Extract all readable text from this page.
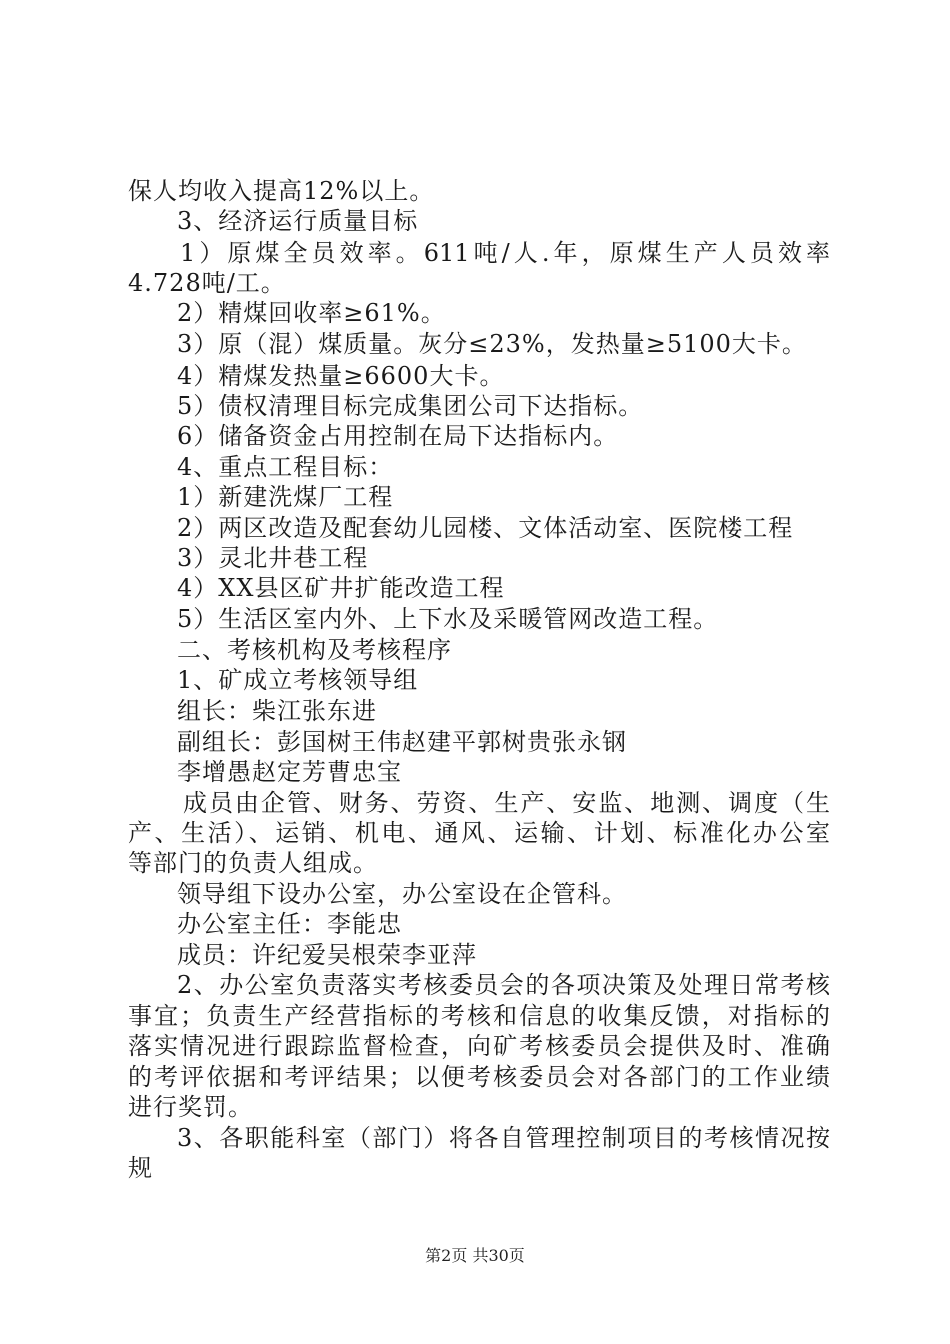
保人均收入提高12%以上。
3、经济运行质量目标
1）原煤全员效率。611吨/人.年，原煤生产人员效率
4.728吨/工。
2）精煤回收率≥61%。
3）原（混）煤质量。灰分≤23%，发热量≥5100大卡。
4）精煤发热量≥6600大卡。
5）债权清理目标完成集团公司下达指标。
6）储备资金占用控制在局下达指标内。
4、重点工程目标：
1）新建洗煤厂工程
2）两区改造及配套幼儿园楼、文体活动室、医院楼工程
3）灵北井巷工程
4）XX县区矿井扩能改造工程
5）生活区室内外、上下水及采暖管网改造工程。
二、考核机构及考核程序
1、矿成立考核领导组
组长：柴江张东进
副组长：彭国树王伟赵建平郭树贵张永钢
李增愚赵定芳曹忠宝
成员由企管、财务、劳资、生产、安监、地测、调度（生
产、生活）、运销、机电、通风、运输、计划、标准化办公室
等部门的负责人组成。
领导组下设办公室，办公室设在企管科。
办公室主任：李能忠
成员：许纪爱吴根荣李亚萍
2、办公室负责落实考核委员会的各项决策及处理日常考核
事宜；负责生产经营指标的考核和信息的收集反馈，对指标的
落实情况进行跟踪监督检查，向矿考核委员会提供及时、准确
的考评依据和考评结果；以便考核委员会对各部门的工作业绩
进行奖罚。
3、各职能科室（部门）将各自管理控制项目的考核情况按
规
第2页 共30页
